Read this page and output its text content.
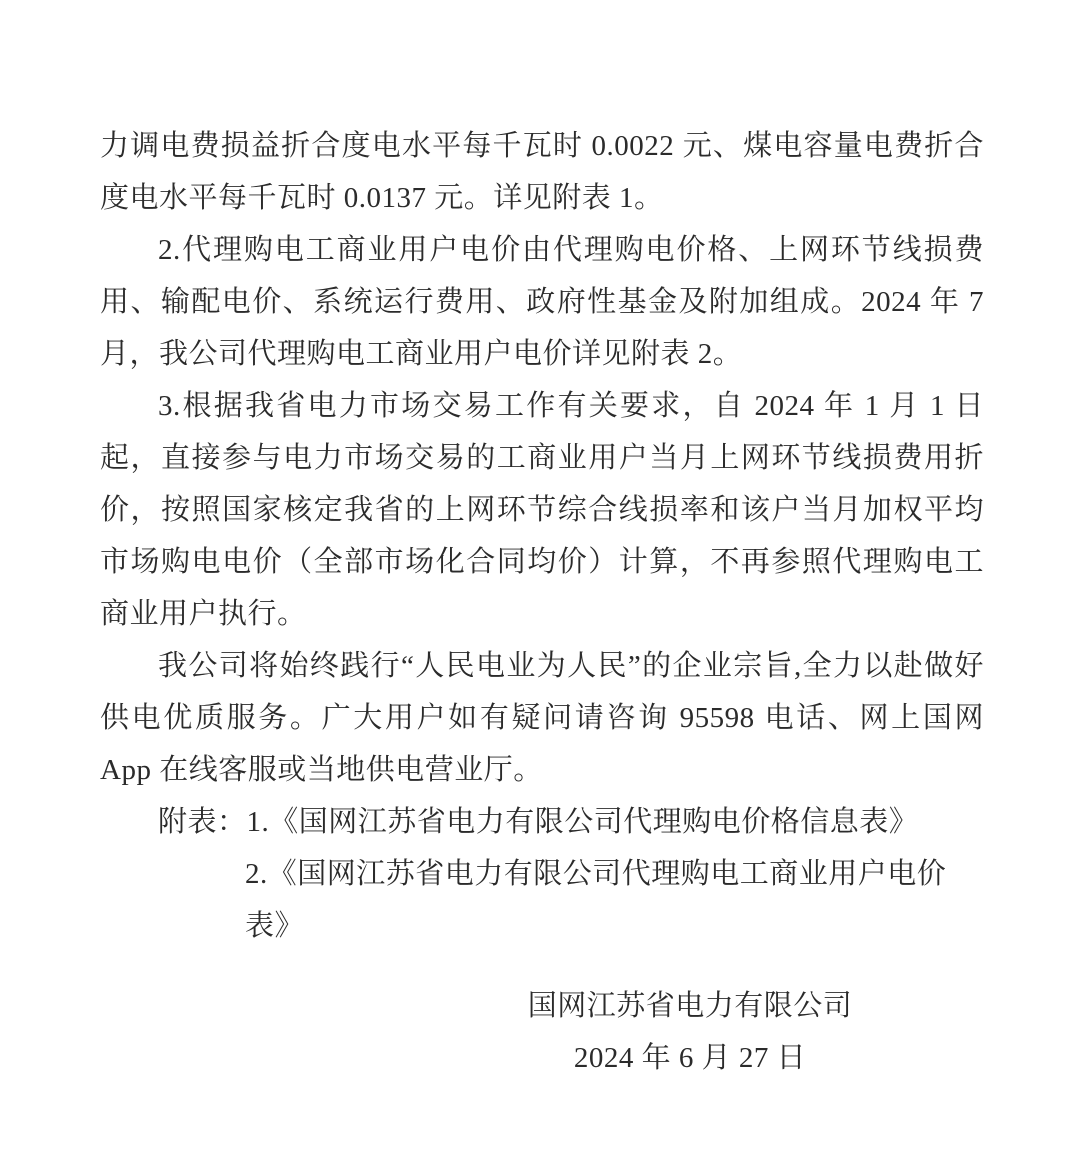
力调电费损益折合度电水平每千瓦时 0.0022 元、煤电容量电费折合度电水平每千瓦时 0.0137 元。详见附表 1。

2.代理购电工商业用户电价由代理购电价格、上网环节线损费用、输配电价、系统运行费用、政府性基金及附加组成。2024 年 7 月，我公司代理购电工商业用户电价详见附表 2。

3.根据我省电力市场交易工作有关要求，自 2024 年 1 月 1 日起，直接参与电力市场交易的工商业用户当月上网环节线损费用折价，按照国家核定我省的上网环节综合线损率和该户当月加权平均市场购电电价（全部市场化合同均价）计算，不再参照代理购电工商业用户执行。

我公司将始终践行“人民电业为人民”的企业宗旨,全力以赴做好供电优质服务。广大用户如有疑问请咨询 95598 电话、网上国网 App 在线客服或当地供电营业厅。

附表：1.《国网江苏省电力有限公司代理购电价格信息表》

2.《国网江苏省电力有限公司代理购电工商业用户电价表》

国网江苏省电力有限公司

2024 年 6 月 27 日
